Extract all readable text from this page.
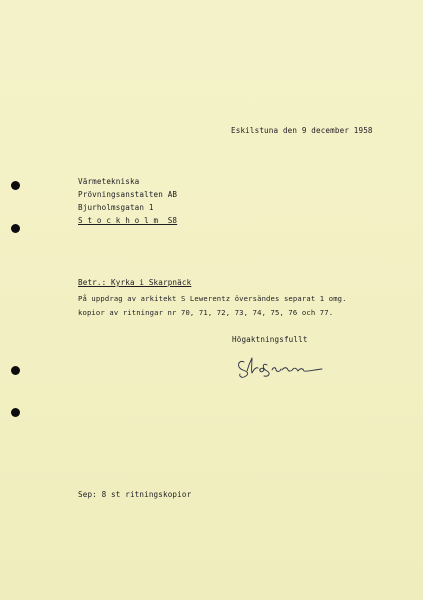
Eskilstuna den 9 december 1958
Värmetekniska
Prövningsanstalten AB
Bjurholmsgatan 1
S t o c k h o l m  S8
Betr.: Kyrka i Skarpnäck
På uppdrag av arkitekt S Lewerentz översändes separat 1 omg.
kopior av ritningar nr 70, 71, 72, 73, 74, 75, 76 och 77.
Högaktningsfullt
Sep: 8 st ritningskopior
